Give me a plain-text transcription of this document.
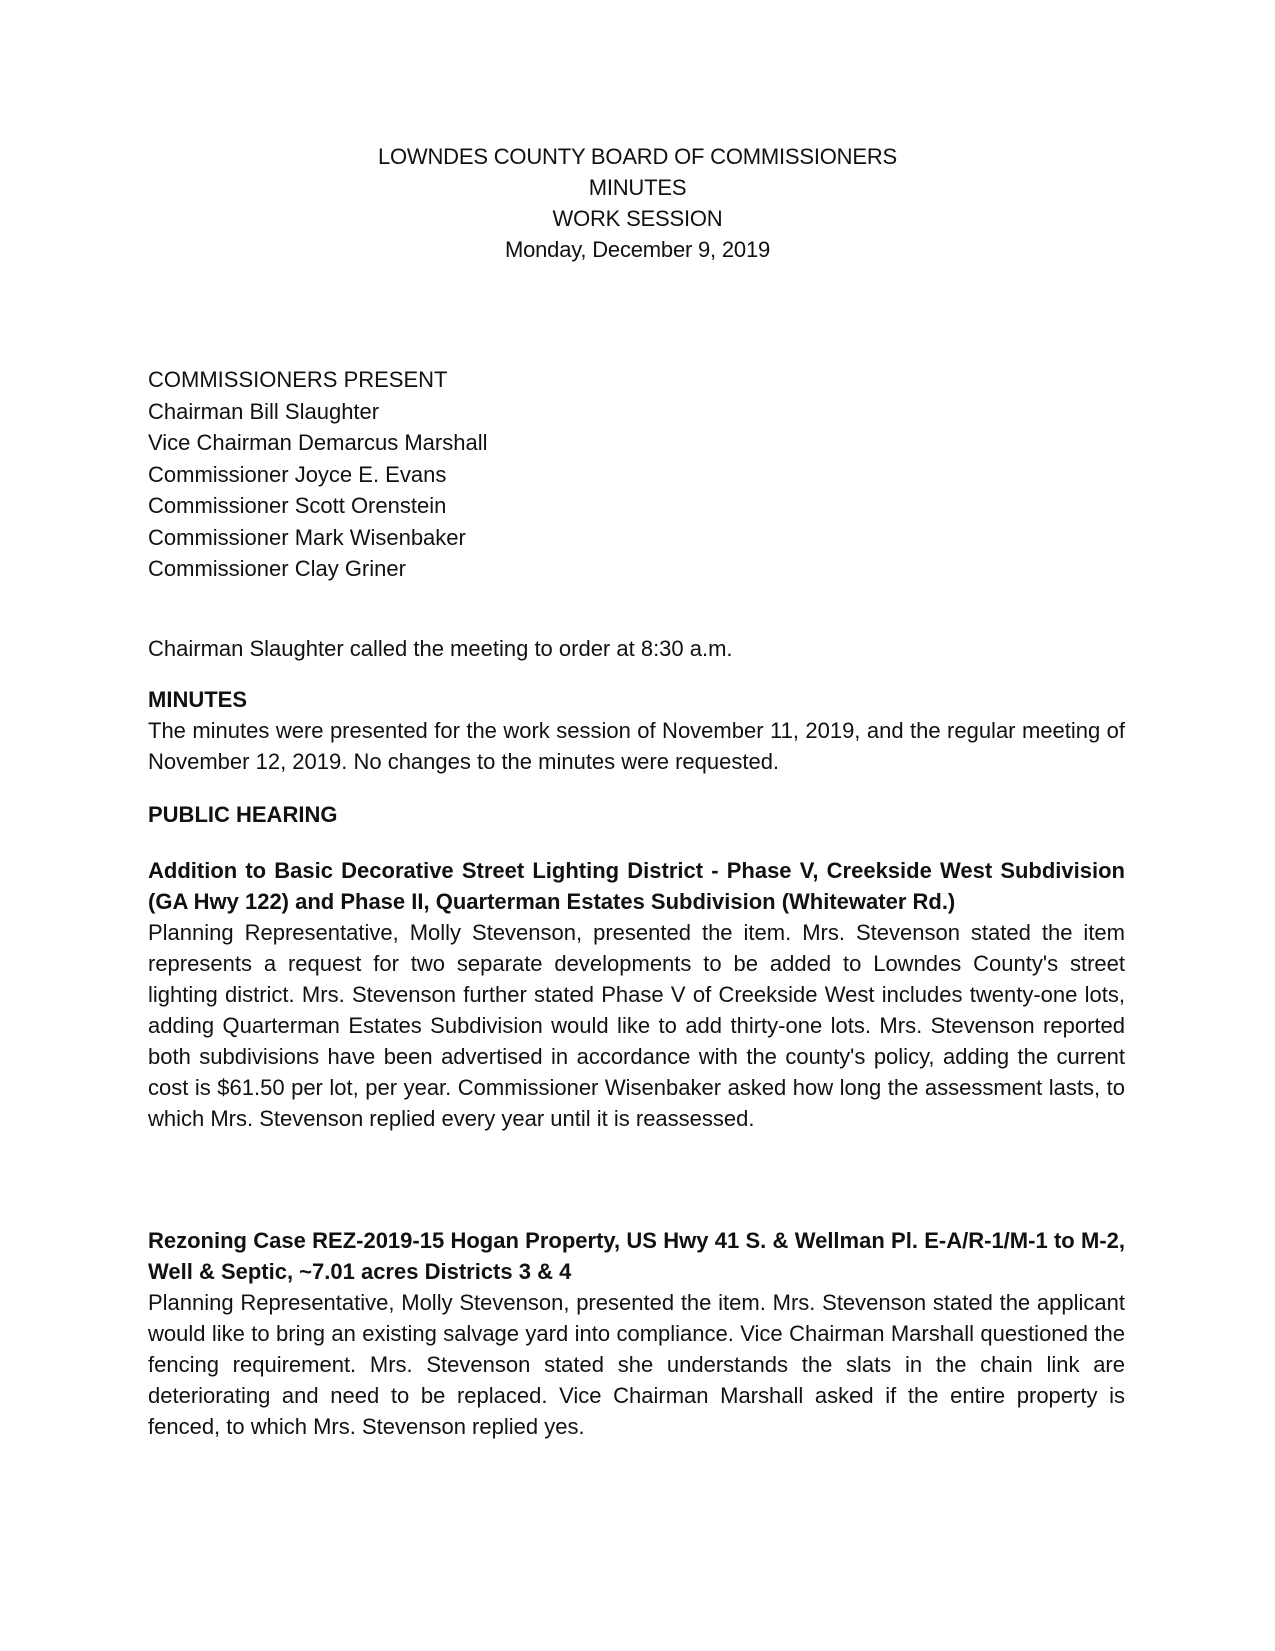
LOWNDES COUNTY BOARD OF COMMISSIONERS
MINUTES
WORK SESSION
Monday, December 9, 2019
COMMISSIONERS PRESENT
Chairman Bill Slaughter
Vice Chairman Demarcus Marshall
Commissioner Joyce E. Evans
Commissioner Scott Orenstein
Commissioner Mark Wisenbaker
Commissioner Clay Griner
Chairman Slaughter called the meeting to order at 8:30 a.m.
MINUTES

The minutes were presented for the work session of November 11, 2019, and the regular meeting of November 12, 2019. No changes to the minutes were requested.

PUBLIC HEARING

Addition to Basic Decorative Street Lighting District - Phase V, Creekside West Subdivision (GA Hwy 122) and Phase II, Quarterman Estates Subdivision (Whitewater Rd.)

Planning Representative, Molly Stevenson, presented the item. Mrs. Stevenson stated the item represents a request for two separate developments to be added to Lowndes County's street lighting district. Mrs. Stevenson further stated Phase V of Creekside West includes twenty-one lots, adding Quarterman Estates Subdivision would like to add thirty-one lots. Mrs. Stevenson reported both subdivisions have been advertised in accordance with the county's policy, adding the current cost is $61.50 per lot, per year. Commissioner Wisenbaker asked how long the assessment lasts, to which Mrs. Stevenson replied every year until it is reassessed.

Rezoning Case REZ-2019-15 Hogan Property, US Hwy 41 S. & Wellman Pl. E-A/R-1/M-1 to M-2, Well & Septic, ~7.01 acres Districts 3 & 4

Planning Representative, Molly Stevenson, presented the item. Mrs. Stevenson stated the applicant would like to bring an existing salvage yard into compliance. Vice Chairman Marshall questioned the fencing requirement. Mrs. Stevenson stated she understands the slats in the chain link are deteriorating and need to be replaced. Vice Chairman Marshall asked if the entire property is fenced, to which Mrs. Stevenson replied yes.
